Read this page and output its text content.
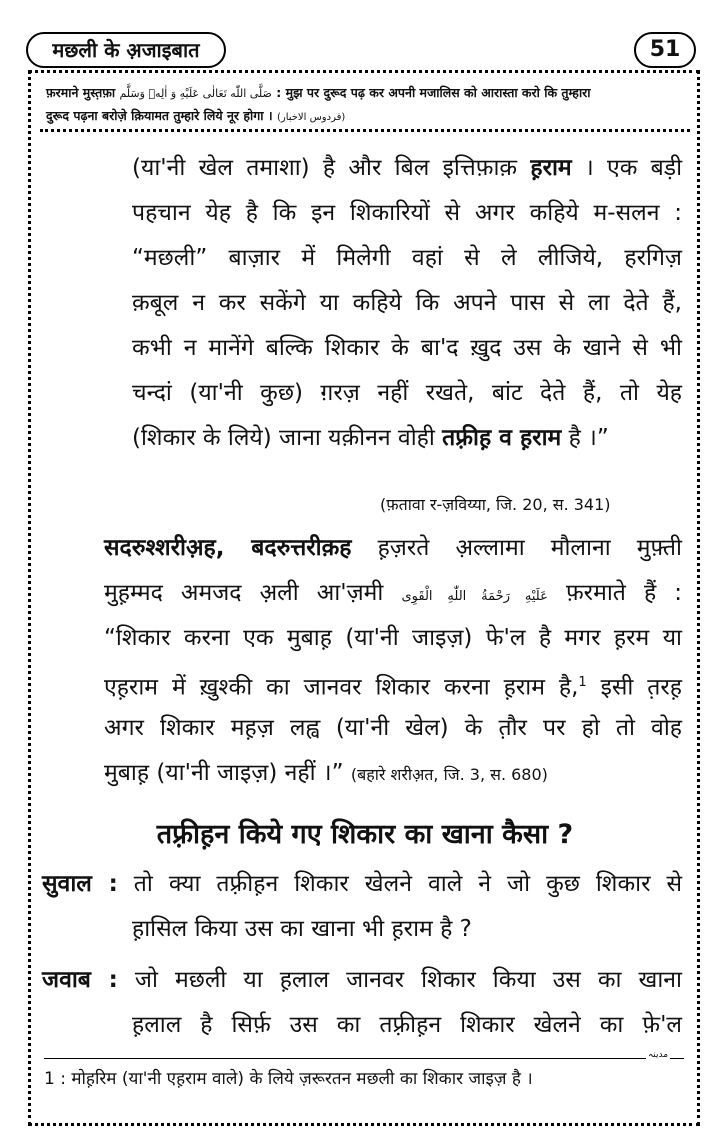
मछली के अ़जाइबात	51
फ़रमाने मुस्त़फ़ा صَلَّى اللّٰه تَعَالٰى عَلَيْهِ وَ اٰلِهٖ وَسَلَّم : मुझ पर दुरूद पढ़ कर अपनी मजालिस को आरास्ता करो कि तुम्हारा
दुरूद पढ़ना बरोज़े क़ियामत तुम्हारे लिये नूर होगा । (فردوس الاخبار)
(या'नी खेल तमाशा) है और बिल इत्तिफ़ाक़ ह़राम । एक बड़ी
पहचान येह है कि इन शिकारियों से अगर कहिये म-सलन :
“मछली” बाज़ार में मिलेगी वहां से ले लीजिये, हरगिज़
क़बूल न कर सकेंगे या कहिये कि अपने पास से ला देते हैं,
कभी न मानेंगे बल्कि शिकार के बा'द ख़ुद उस के खाने से भी
चन्दां (या'नी कुछ) ग़रज़ नहीं रखते, बांट देते हैं, तो येह
(शिकार के लिये) जाना यक़ीनन वोही तफ़्रीह़ व ह़राम है ।”
(फ़तावा र-ज़विय्या, जि. 20, स. 341)
सदरुश्शरीअ़ह, बदरुत्तरीक़ह ह़ज़रते अ़ल्लामा मौलाना मुफ़्ती
मुह़म्मद अमजद अ़ली आ'ज़मी عَلَيْهِ رَحْمَةُ اللّٰهِ الْقَوِى फ़रमाते हैं :
“शिकार करना एक मुबाह़ (या'नी जाइज़) फे'ल है मगर ह़रम या
एह़राम में ख़ुश्की का जानवर शिकार करना ह़राम है,$^1$ इसी त़रह़
अगर शिकार मह़ज़ लह्व (या'नी खेल) के त़ौर पर हो तो वोह
मुबाह़ (या'नी जाइज़) नहीं ।” (बहारे शरीअ़त, जि. 3, स. 680)
तफ़्रीह़न किये गए शिकार का खाना कैसा ?
सुवाल : तो क्या तफ़्रीह़न शिकार खेलने वाले ने जो कुछ शिकार से
ह़ासिल किया उस का खाना भी ह़राम है ?
जवाब : जो मछली या ह़लाल जानवर शिकार किया उस का खाना
ह़लाल है सिर्फ़ उस का तफ़्रीह़न शिकार खेलने का फ़े'ल
مدینہ
1 : मोह़रिम (या'नी एह़राम वाले) के लिये ज़रूरतन मछली का शिकार जाइज़ है ।
